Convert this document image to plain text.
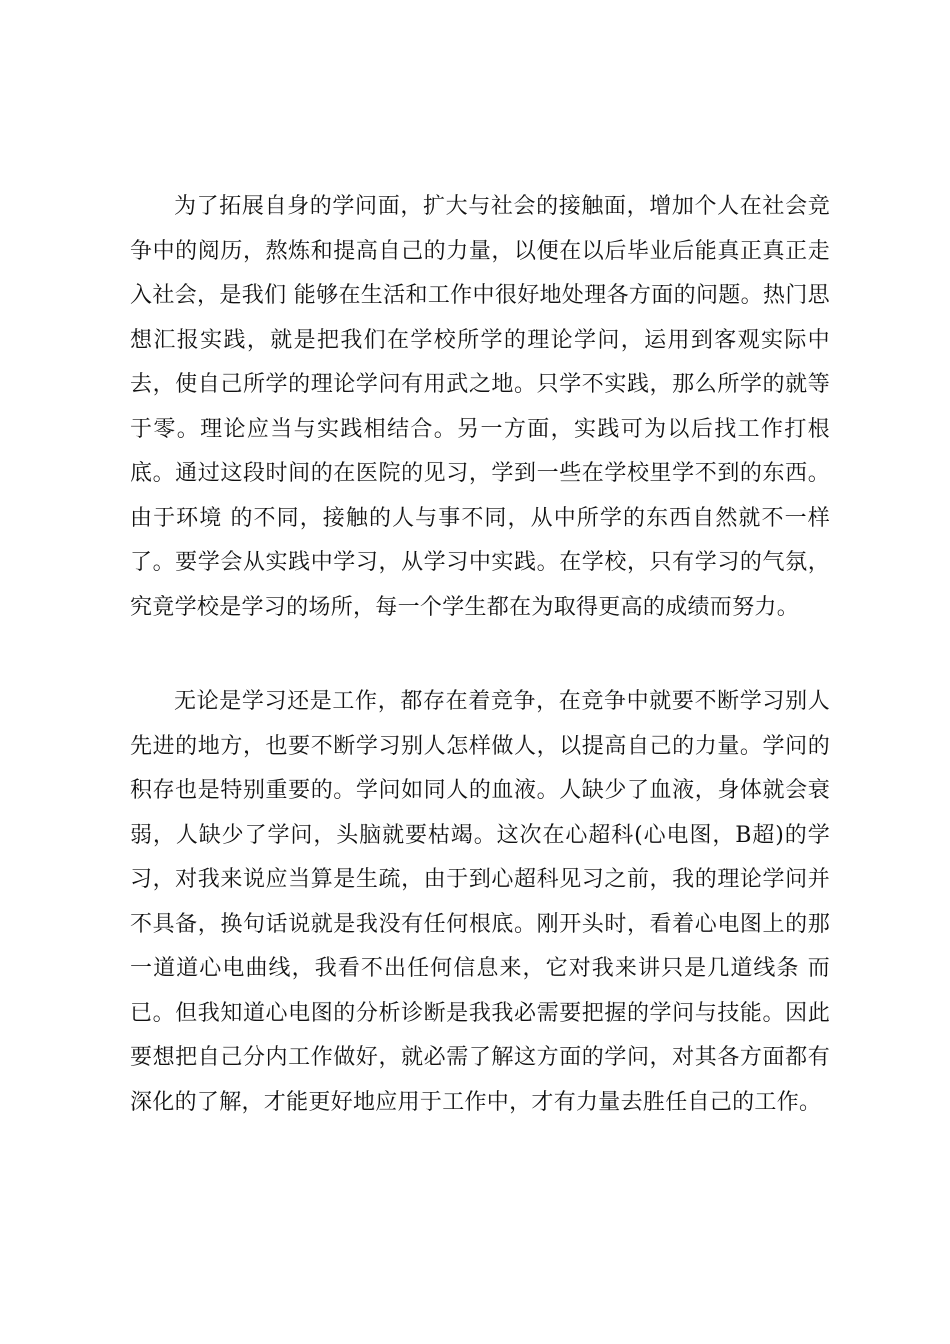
为了拓展自身的学问面，扩大与社会的接触面，增加个人在社会竞
争中的阅历，熬炼和提高自己的力量，以便在以后毕业后能真正真正走
入社会，是我们 能够在生活和工作中很好地处理各方面的问题。热门思
想汇报实践，就是把我们在学校所学的理论学问，运用到客观实际中
去，使自己所学的理论学问有用武之地。只学不实践，那么所学的就等
于零。理论应当与实践相结合。另一方面，实践可为以后找工作打根
底。通过这段时间的在医院的见习，学到一些在学校里学不到的东西。
由于环境 的不同，接触的人与事不同，从中所学的东西自然就不一样
了。要学会从实践中学习，从学习中实践。在学校，只有学习的气氛，
究竟学校是学习的场所，每一个学生都在为取得更高的成绩而努力。
无论是学习还是工作，都存在着竞争，在竞争中就要不断学习别人
先进的地方，也要不断学习别人怎样做人，以提高自己的力量。学问的
积存也是特别重要的。学问如同人的血液。人缺少了血液，身体就会衰
弱，人缺少了学问，头脑就要枯竭。这次在心超科(心电图，B超)的学
习，对我来说应当算是生疏，由于到心超科见习之前，我的理论学问并
不具备，换句话说就是我没有任何根底。刚开头时，看着心电图上的那
一道道心电曲线，我看不出任何信息来，它对我来讲只是几道线条 而
已。但我知道心电图的分析诊断是我我必需要把握的学问与技能。因此
要想把自己分内工作做好，就必需了解这方面的学问，对其各方面都有
深化的了解，才能更好地应用于工作中，才有力量去胜任自己的工作。
